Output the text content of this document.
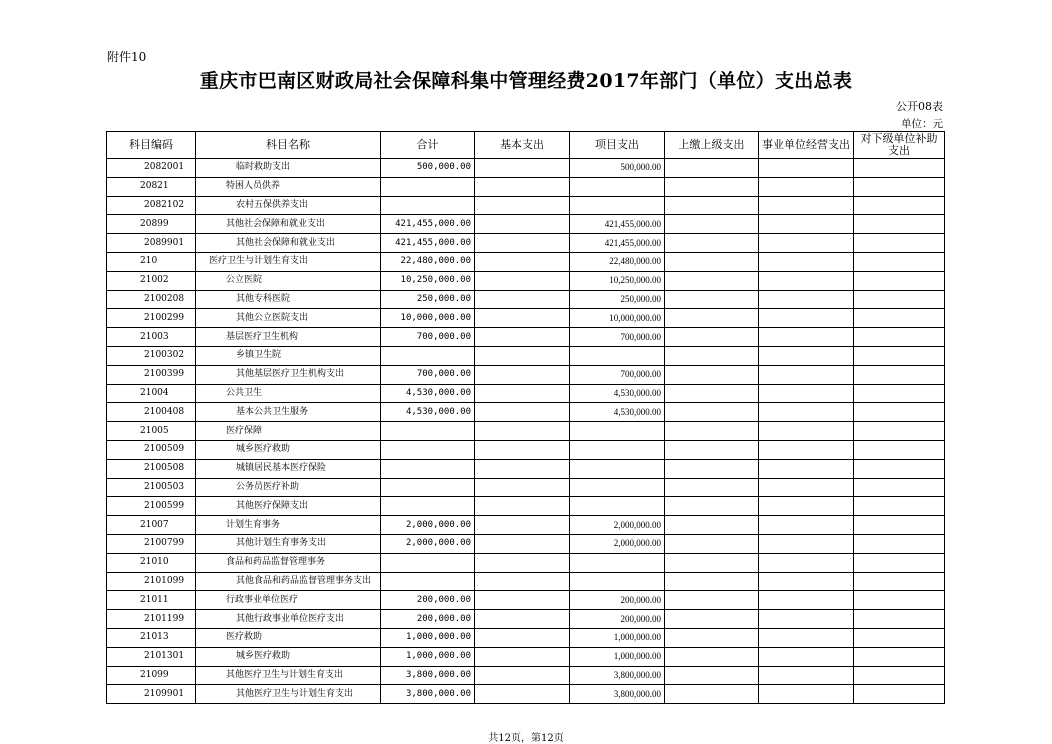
附件10
重庆市巴南区财政局社会保障科集中管理经费2017年部门（单位）支出总表
公开08表
单位：元
科目编码	科目名称	合计	基本支出	项目支出	上缴上级支出	事业单位经营支出	对下级单位补助支出
2082001	临时救助支出	500,000.00		500,000.00			
20821	特困人员供养						
2082102	农村五保供养支出						
20899	其他社会保障和就业支出	421,455,000.00		421,455,000.00			
2089901	其他社会保障和就业支出	421,455,000.00		421,455,000.00			
210	医疗卫生与计划生育支出	22,480,000.00		22,480,000.00			
21002	公立医院	10,250,000.00		10,250,000.00			
2100208	其他专科医院	250,000.00		250,000.00			
2100299	其他公立医院支出	10,000,000.00		10,000,000.00			
21003	基层医疗卫生机构	700,000.00		700,000.00			
2100302	乡镇卫生院						
2100399	其他基层医疗卫生机构支出	700,000.00		700,000.00			
21004	公共卫生	4,530,000.00		4,530,000.00			
2100408	基本公共卫生服务	4,530,000.00		4,530,000.00			
21005	医疗保障						
2100509	城乡医疗救助						
2100508	城镇居民基本医疗保险						
2100503	公务员医疗补助						
2100599	其他医疗保障支出						
21007	计划生育事务	2,000,000.00		2,000,000.00			
2100799	其他计划生育事务支出	2,000,000.00		2,000,000.00			
21010	食品和药品监督管理事务						
2101099	其他食品和药品监督管理事务支出						
21011	行政事业单位医疗	200,000.00		200,000.00			
2101199	其他行政事业单位医疗支出	200,000.00		200,000.00			
21013	医疗救助	1,000,000.00		1,000,000.00			
2101301	城乡医疗救助	1,000,000.00		1,000,000.00			
21099	其他医疗卫生与计划生育支出	3,800,000.00		3,800,000.00			
2109901	其他医疗卫生与计划生育支出	3,800,000.00		3,800,000.00			
共12页，第12页
